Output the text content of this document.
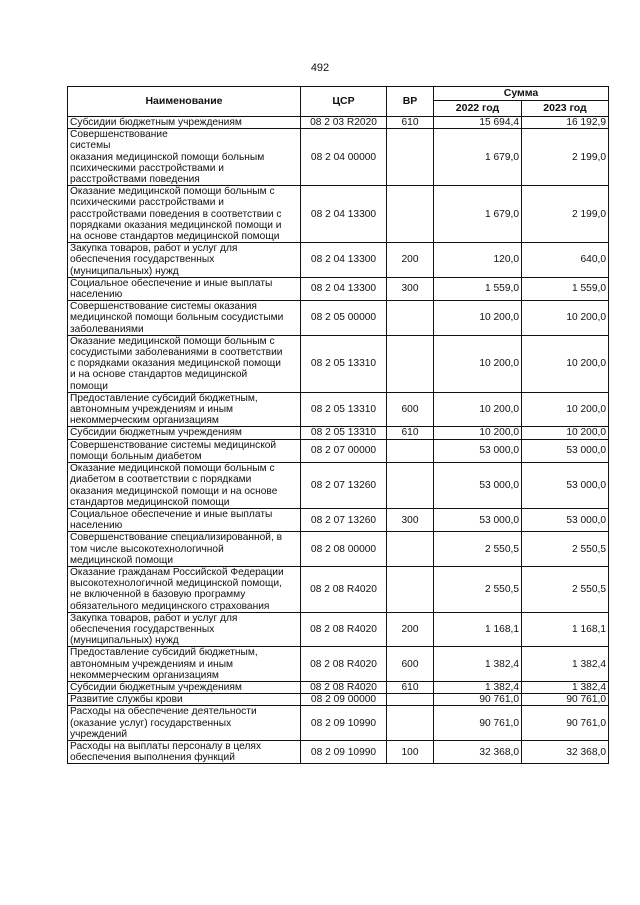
492
Наименование	ЦСР	ВР	Сумма	
			2022 год	2023 год
Субсидии бюджетным учреждениям	08 2 03 R2020	610	15 694,4	16 192,9
Совершенствование
системы
оказания медицинской помощи больным
психическими расстройствами и
расстройствами поведения	08 2 04 00000		1 679,0	2 199,0
Оказание медицинской помощи больным с
психическими расстройствами и
расстройствами поведения в соответствии с
порядками оказания медицинской помощи и
на основе стандартов медицинской помощи	08 2 04 13300		1 679,0	2 199,0
Закупка товаров, работ и услуг для
обеспечения государственных
(муниципальных) нужд	08 2 04 13300	200	120,0	640,0
Социальное обеспечение и иные выплаты
населению	08 2 04 13300	300	1 559,0	1 559,0
Совершенствование системы оказания
медицинской помощи больным сосудистыми
заболеваниями	08 2 05 00000		10 200,0	10 200,0
Оказание медицинской помощи больным с
сосудистыми заболеваниями в соответствии
с порядками оказания медицинской помощи
и на основе стандартов медицинской
помощи	08 2 05 13310		10 200,0	10 200,0
Предоставление субсидий бюджетным,
автономным учреждениям и иным
некоммерческим организациям	08 2 05 13310	600	10 200,0	10 200,0
Субсидии бюджетным учреждениям	08 2 05 13310	610	10 200,0	10 200,0
Совершенствование системы медицинской
помощи больным диабетом	08 2 07 00000		53 000,0	53 000,0
Оказание медицинской помощи больным с
диабетом в соответствии с порядками
оказания медицинской помощи и на основе
стандартов медицинской помощи	08 2 07 13260		53 000,0	53 000,0
Социальное обеспечение и иные выплаты
населению	08 2 07 13260	300	53 000,0	53 000,0
Совершенствование специализированной, в
том числе высокотехнологичной
медицинской помощи	08 2 08 00000		2 550,5	2 550,5
Оказание гражданам Российской Федерации
высокотехнологичной медицинской помощи,
не включенной в базовую программу
обязательного медицинского страхования	08 2 08 R4020		2 550,5	2 550,5
Закупка товаров, работ и услуг для
обеспечения государственных
(муниципальных) нужд	08 2 08 R4020	200	1 168,1	1 168,1
Предоставление субсидий бюджетным,
автономным учреждениям и иным
некоммерческим организациям	08 2 08 R4020	600	1 382,4	1 382,4
Субсидии бюджетным учреждениям	08 2 08 R4020	610	1 382,4	1 382,4
Развитие службы крови	08 2 09 00000		90 761,0	90 761,0
Расходы на обеспечение деятельности
(оказание услуг) государственных
учреждений	08 2 09 10990		90 761,0	90 761,0
Расходы на выплаты персоналу в целях
обеспечения выполнения функций	08 2 09 10990	100	32 368,0	32 368,0
